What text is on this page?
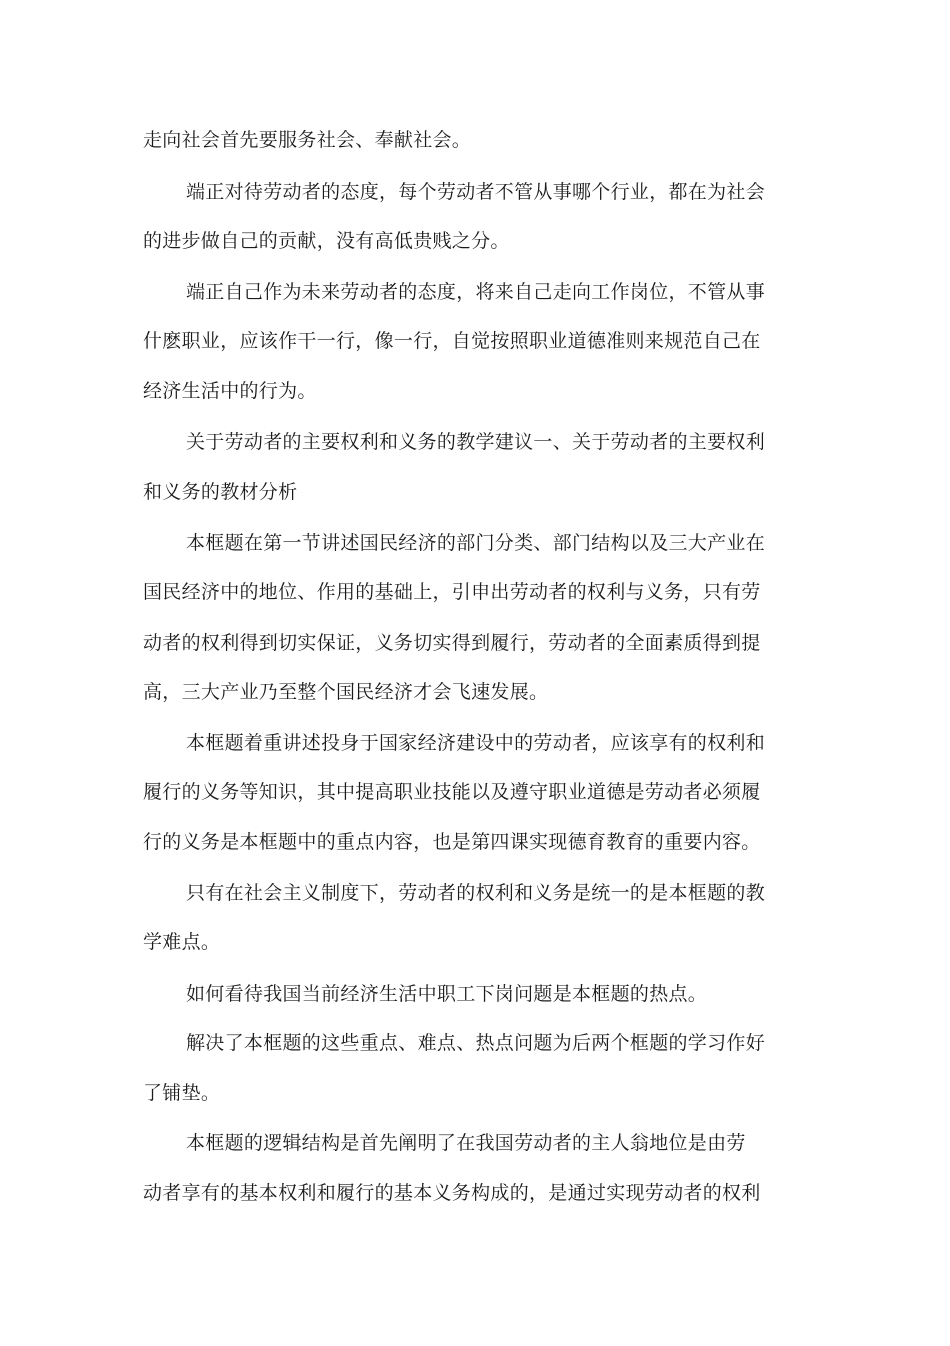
走向社会首先要服务社会、奉献社会。
端正对待劳动者的态度，每个劳动者不管从事哪个行业，都在为社会
的进步做自己的贡献，没有高低贵贱之分。
端正自己作为未来劳动者的态度，将来自己走向工作岗位，不管从事
什麽职业，应该作干一行，像一行，自觉按照职业道德准则来规范自己在
经济生活中的行为。
关于劳动者的主要权利和义务的教学建议一、关于劳动者的主要权利
和义务的教材分析
本框题在第一节讲述国民经济的部门分类、部门结构以及三大产业在
国民经济中的地位、作用的基础上，引申出劳动者的权利与义务，只有劳
动者的权利得到切实保证，义务切实得到履行，劳动者的全面素质得到提
高，三大产业乃至整个国民经济才会飞速发展。
本框题着重讲述投身于国家经济建设中的劳动者，应该享有的权利和
履行的义务等知识，其中提高职业技能以及遵守职业道德是劳动者必须履
行的义务是本框题中的重点内容，也是第四课实现德育教育的重要内容。
只有在社会主义制度下，劳动者的权利和义务是统一的是本框题的教
学难点。
如何看待我国当前经济生活中职工下岗问题是本框题的热点。
解决了本框题的这些重点、难点、热点问题为后两个框题的学习作好
了铺垫。
本框题的逻辑结构是首先阐明了在我国劳动者的主人翁地位是由劳
动者享有的基本权利和履行的基本义务构成的，是通过实现劳动者的权利
